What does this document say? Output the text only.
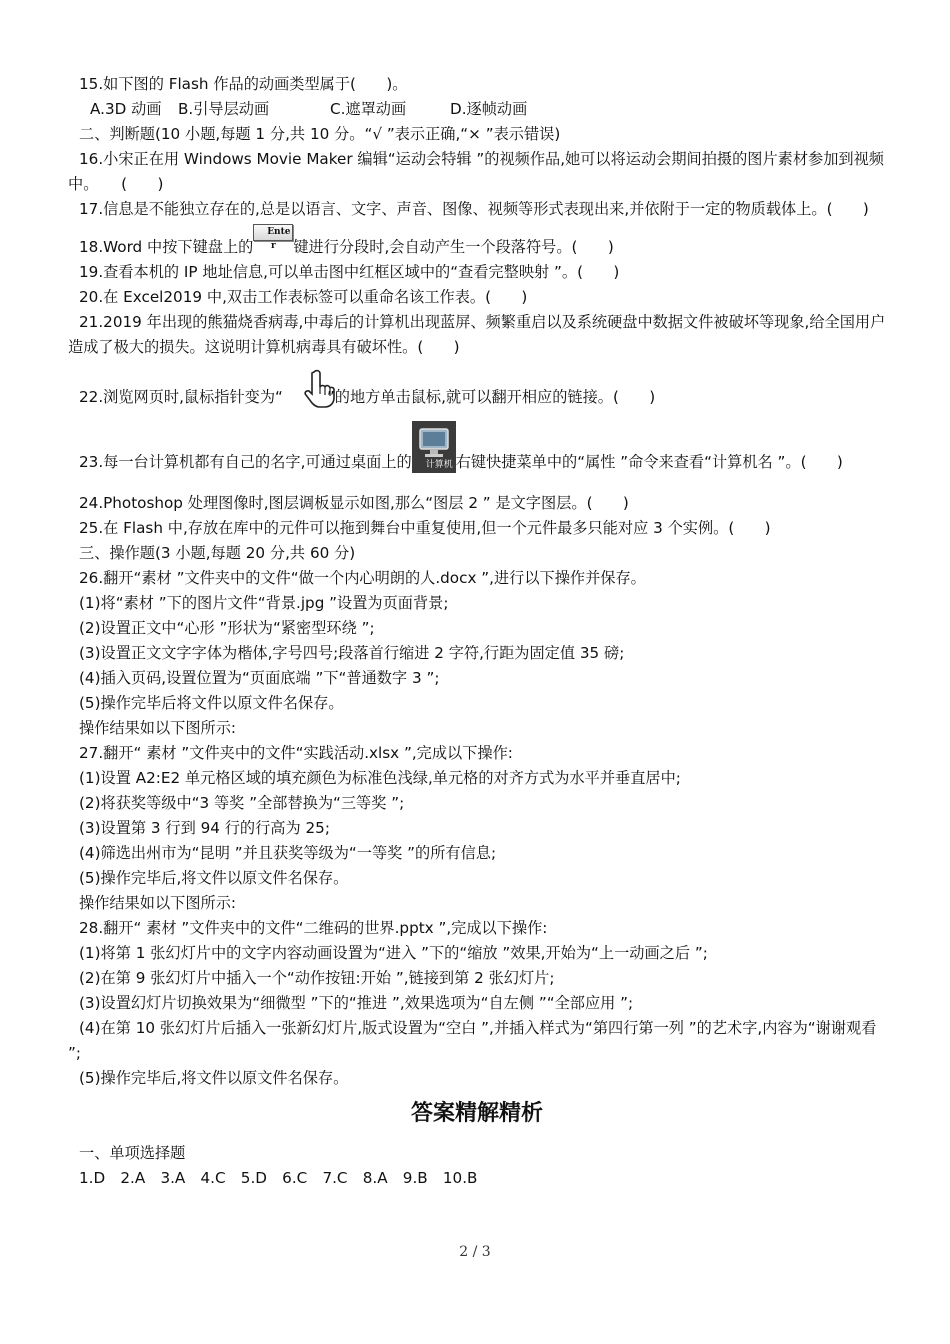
15.如下图的 Flash 作品的动画类型属于(　　)。

A.3D 动画 B.引导层动画	C.遮罩动画	D.逐帧动画

二、判断题(10 小题,每题 1 分,共 10 分。“√ ”表示正确,“× ”表示错误)

16.小宋正在用 Windows Movie Maker 编辑“运动会特辑 ”的视频作品,她可以将运动会期间拍摄的图片素材参加到视频中。　　(　　)

17.信息是不能独立存在的,总是以语言、文字、声音、图像、视频等形式表现出来,并依附于一定的物质载体上。(　　)

18.Word 中按下键盘上的Enter 键进行分段时,会自动产生一个段落符号。(　　)

19.查看本机的 IP 地址信息,可以单击图中红框区域中的“查看完整映射 ”。(　　)

20.在 Excel2019 中,双击工作表标签可以重命名该工作表。(　　)

21.2019 年出现的熊猫烧香病毒,中毒后的计算机出现蓝屏、频繁重启以及系统硬盘中数据文件被破坏等现象,给全国用户造成了极大的损失。这说明计算机病毒具有破坏性。(　　)

22.浏览网页时,鼠标指针变为“	”的地方单击鼠标,就可以翻开相应的链接。(　　)

23.每一台计算机都有自己的名字,可通过桌面上的	计算机 右键快捷菜单中的“属性 ”命令来查看“计算机名 ”。(　　)

24.Photoshop 处理图像时,图层调板显示如图,那么“图层 2 ” 是文字图层。(　　)

25.在 Flash 中,存放在库中的元件可以拖到舞台中重复使用,但一个元件最多只能对应 3 个实例。(　　)

三、操作题(3 小题,每题 20 分,共 60 分)

26.翻开“素材 ”文件夹中的文件“做一个内心明朗的人.docx ”,进行以下操作并保存。

(1)将“素材 ”下的图片文件“背景.jpg ”设置为页面背景;

(2)设置正文中“心形 ”形状为“紧密型环绕 ”;

(3)设置正文文字字体为楷体,字号四号;段落首行缩进 2 字符,行距为固定值 35 磅;

(4)插入页码,设置位置为“页面底端 ”下“普通数字 3 ”;

(5)操作完毕后将文件以原文件名保存。

操作结果如以下图所示:

27.翻开“ 素材 ”文件夹中的文件“实践活动.xlsx ”,完成以下操作:

(1)设置 A2:E2 单元格区域的填充颜色为标准色浅绿,单元格的对齐方式为水平并垂直居中;

(2)将获奖等级中“3 等奖 ”全部替换为“三等奖 ”;

(3)设置第 3 行到 94 行的行高为 25;

(4)筛选出州市为“昆明 ”并且获奖等级为“一等奖 ”的所有信息;

(5)操作完毕后,将文件以原文件名保存。

操作结果如以下图所示:

28.翻开“ 素材 ”文件夹中的文件“二维码的世界.pptx ”,完成以下操作:

(1)将第 1 张幻灯片中的文字内容动画设置为“进入 ”下的“缩放 ”效果,开始为“上一动画之后 ”;

(2)在第 9 张幻灯片中插入一个“动作按钮:开始 ”,链接到第 2 张幻灯片;

(3)设置幻灯片切换效果为“细微型 ”下的“推进 ”,效果选项为“自左侧 ”“全部应用 ”;

(4)在第 10 张幻灯片后插入一张新幻灯片,版式设置为“空白 ”,并插入样式为“第四行第一列 ”的艺术字,内容为“谢谢观看 ”;

(5)操作完毕后,将文件以原文件名保存。

答案精解精析

一、单项选择题

1.D　2.A　3.A　4.C　5.D　6.C　7.C　8.A　9.B　10.B

2 / 3
